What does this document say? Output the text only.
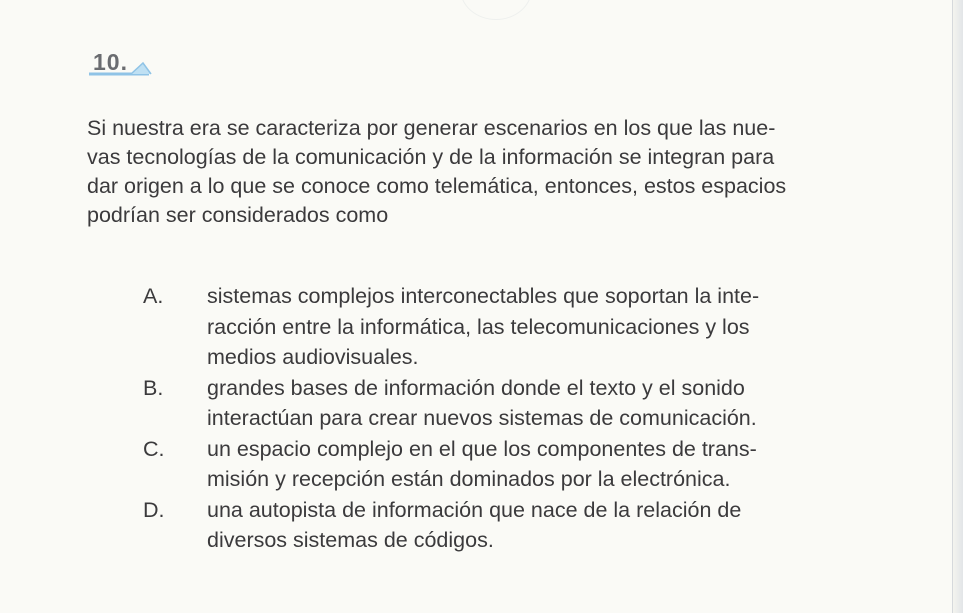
10.
Si nuestra era se caracteriza por generar escenarios en los que las nue-
vas tecnologías de la comunicación y de la información se integran para
dar origen a lo que se conoce como telemática, entonces, estos espacios
podrían ser considerados como
A. sistemas complejos interconectables que soportan la inte-
racción entre la informática, las telecomunicaciones y los
medios audiovisuales.
B. grandes bases de información donde el texto y el sonido
interactúan para crear nuevos sistemas de comunicación.
C. un espacio complejo en el que los componentes de trans-
misión y recepción están dominados por la electrónica.
D. una autopista de información que nace de la relación de
diversos sistemas de códigos.
